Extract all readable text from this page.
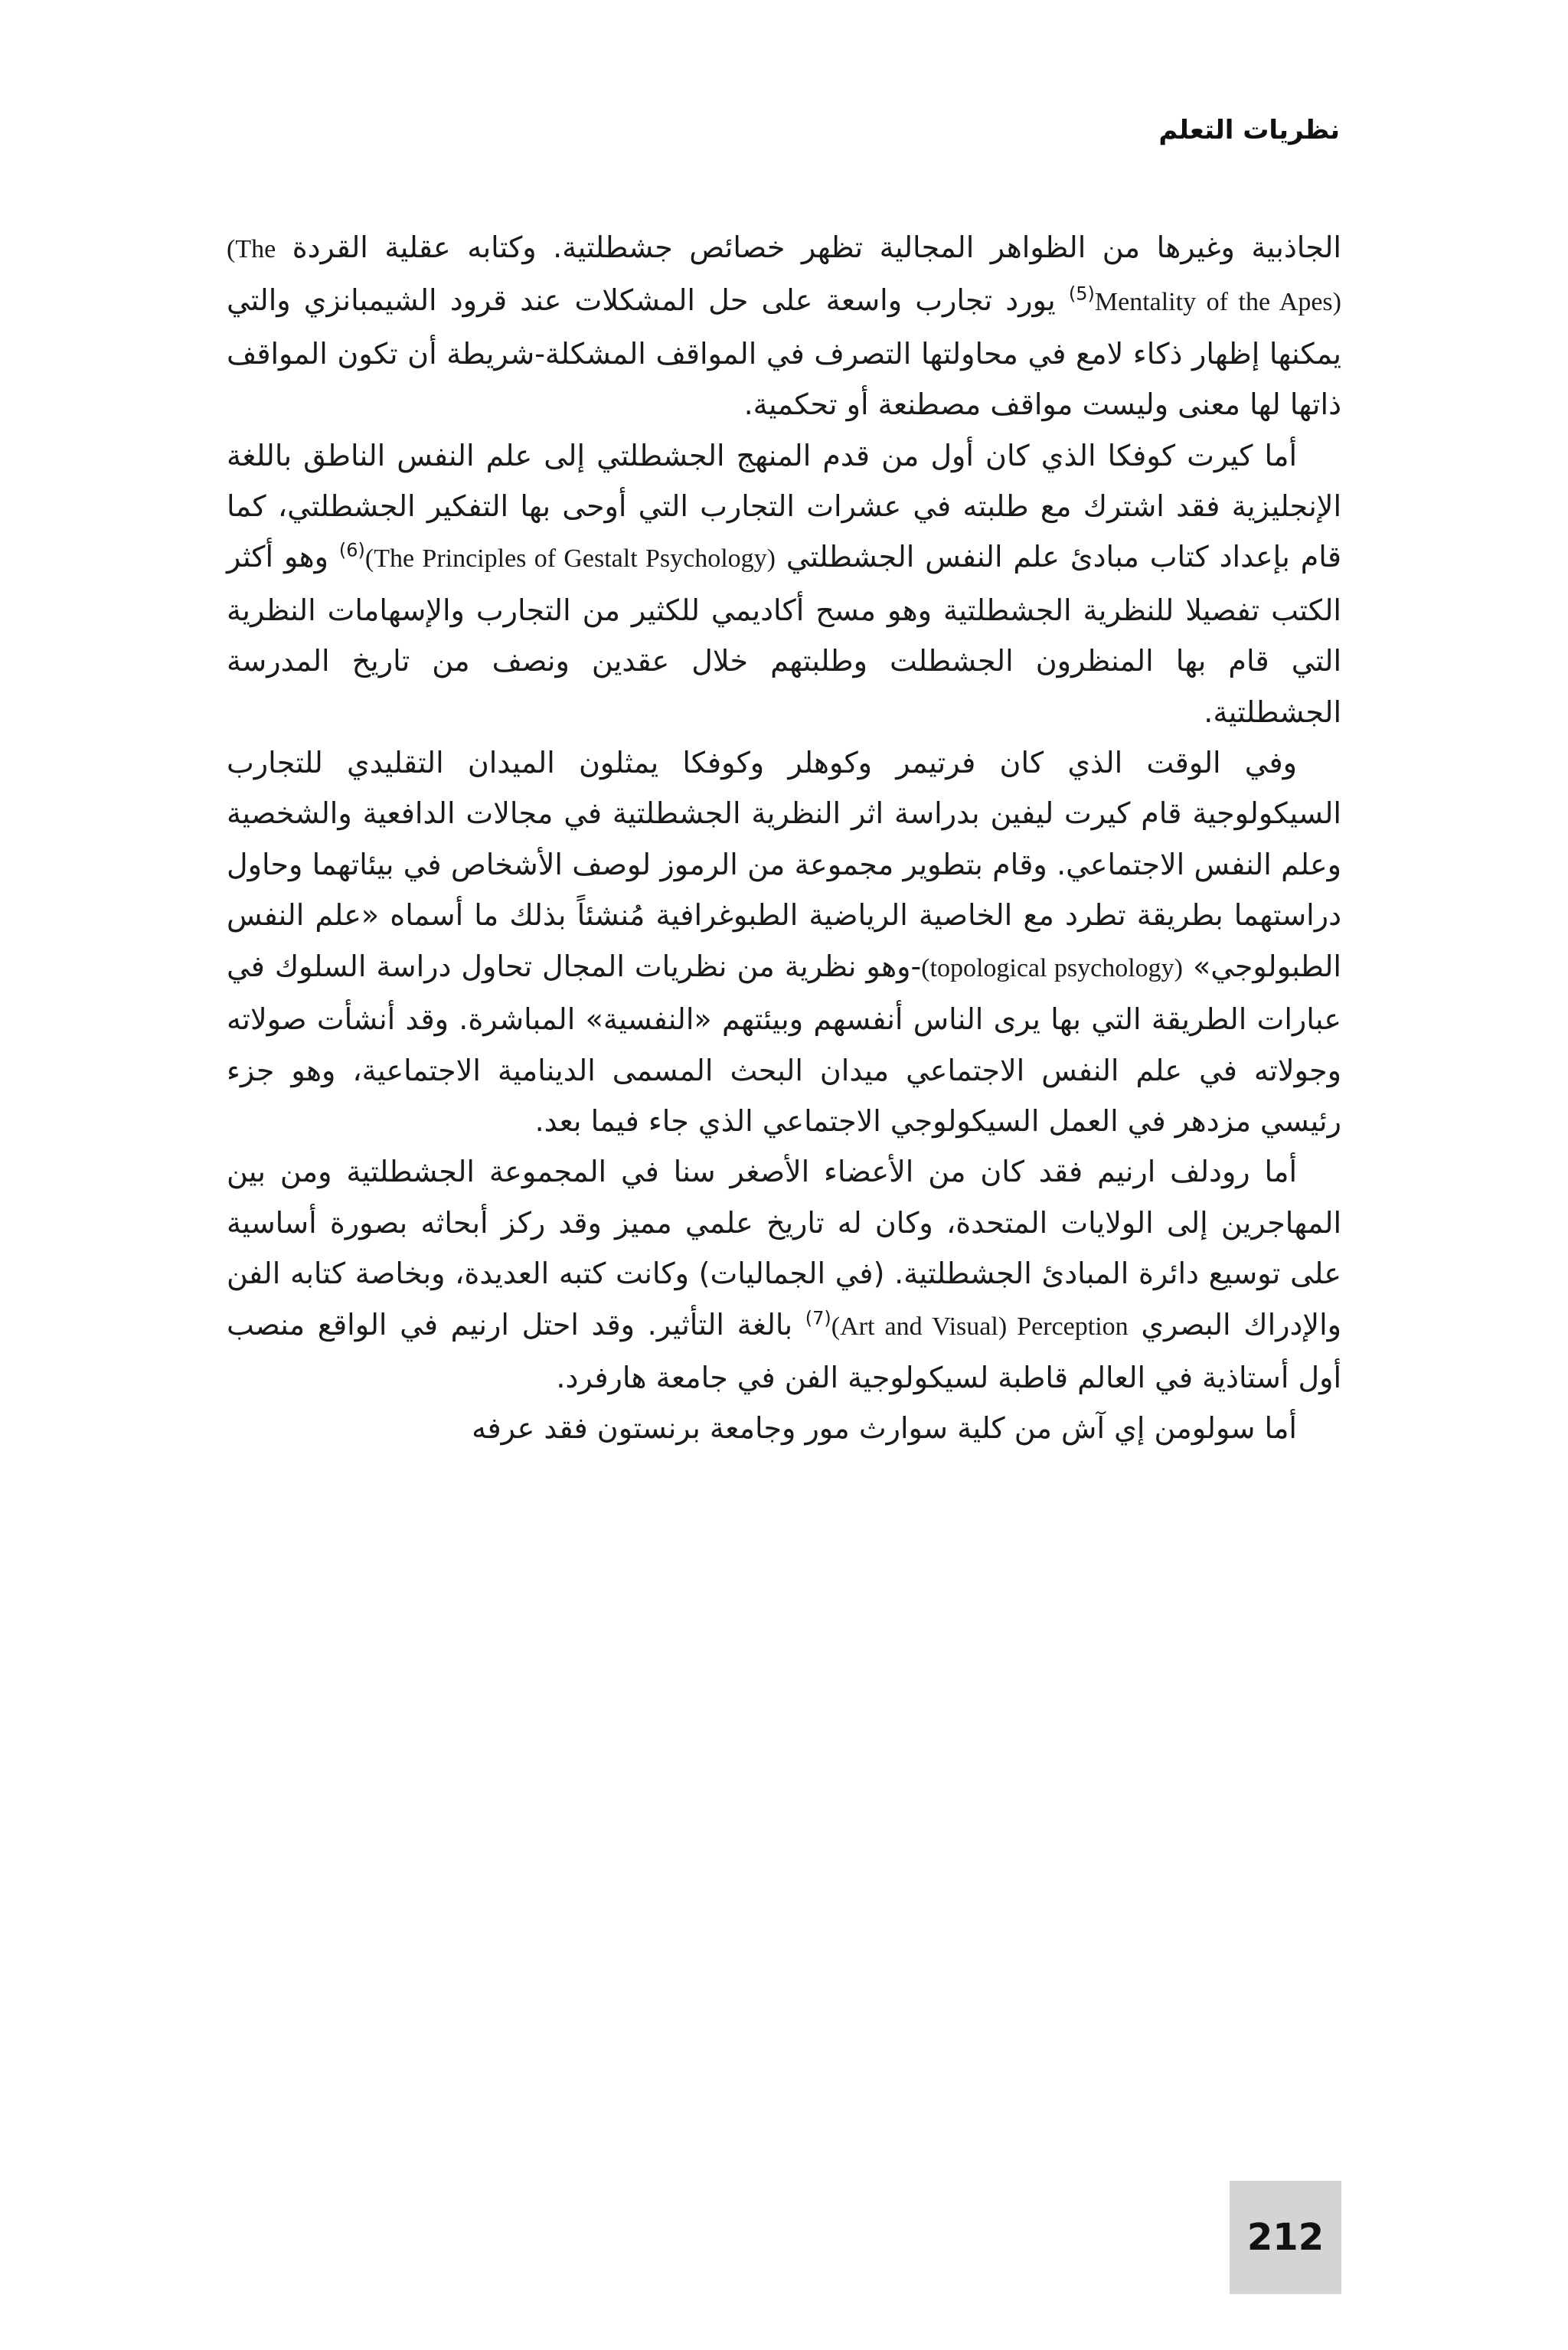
نظريات التعلم

الجاذبية وغيرها من الظواهر المجالية تظهر خصائص جشطلتية. وكتابه عقلية القردة (The Mentality of the Apes)$^{(5)}$ يورد تجارب واسعة على حل المشكلات عند قرود الشيمبانزي والتي يمكنها إظهار ذكاء لامع في محاولتها التصرف في المواقف المشكلة-شريطة أن تكون المواقف ذاتها لها معنى وليست مواقف مصطنعة أو تحكمية.

أما كيرت كوفكا الذي كان أول من قدم المنهج الجشطلتي إلى علم النفس الناطق باللغة الإنجليزية فقد اشترك مع طلبته في عشرات التجارب التي أوحى بها التفكير الجشطلتي، كما قام بإعداد كتاب مبادئ علم النفس الجشطلتي (The Principles of Gestalt Psychology)$^{(6)}$ وهو أكثر الكتب تفصيلا للنظرية الجشطلتية وهو مسح أكاديمي للكثير من التجارب والإسهامات النظرية التي قام بها المنظرون الجشطلت وطلبتهم خلال عقدين ونصف من تاريخ المدرسة الجشطلتية.

وفي الوقت الذي كان فرتيمر وكوهلر وكوفكا يمثلون الميدان التقليدي للتجارب السيكولوجية قام كيرت ليفين بدراسة اثر النظرية الجشطلتية في مجالات الدافعية والشخصية وعلم النفس الاجتماعي. وقام بتطوير مجموعة من الرموز لوصف الأشخاص في بيئاتهما وحاول دراستهما بطريقة تطرد مع الخاصية الرياضية الطبوغرافية مُنشئاً بذلك ما أسماه «علم النفس الطبولوجي» (topological psychology)-وهو نظرية من نظريات المجال تحاول دراسة السلوك في عبارات الطريقة التي بها يرى الناس أنفسهم وبيئتهم «النفسية» المباشرة. وقد أنشأت صولاته وجولاته في علم النفس الاجتماعي ميدان البحث المسمى الدينامية الاجتماعية، وهو جزء رئيسي مزدهر في العمل السيكولوجي الاجتماعي الذي جاء فيما بعد.

أما رودلف ارنيم فقد كان من الأعضاء الأصغر سنا في المجموعة الجشطلتية ومن بين المهاجرين إلى الولايات المتحدة، وكان له تاريخ علمي مميز وقد ركز أبحاثه بصورة أساسية على توسيع دائرة المبادئ الجشطلتية. (في الجماليات) وكانت كتبه العديدة، وبخاصة كتابه الفن والإدراك البصري (Art and Visual) Perception$^{(7)}$ بالغة التأثير. وقد احتل ارنيم في الواقع منصب أول أستاذية في العالم قاطبة لسيكولوجية الفن في جامعة هارفرد.

أما سولومن إي آش من كلية سوارث مور وجامعة برنستون فقد عرفه

212
